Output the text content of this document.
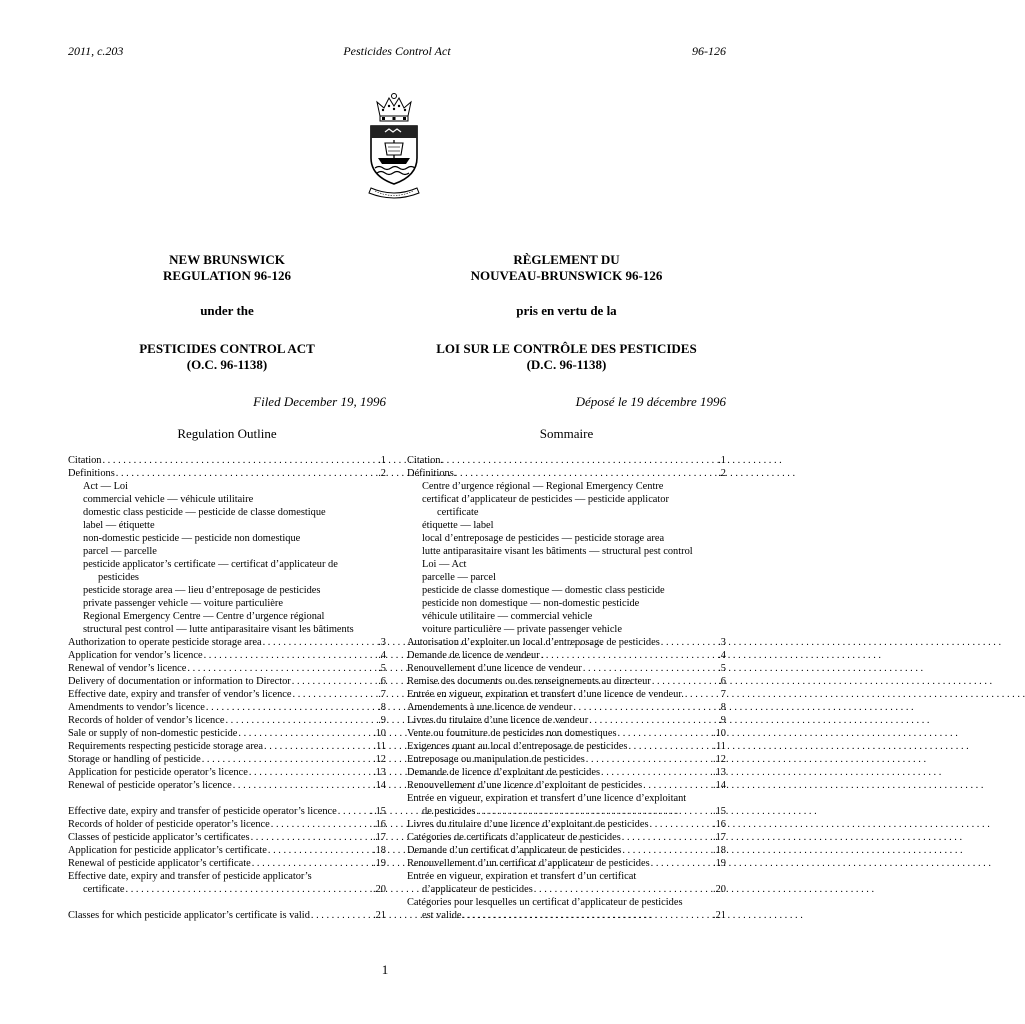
2011, c.203	Pesticides Control Act	96-126
NEW BRUNSWICK
REGULATION 96-126
under the
PESTICIDES CONTROL ACT
(O.C. 96-1138)
Filed December 19, 1996
Regulation Outline
Citation . . .	.1
Definitions . . .	.2
Act — Loi
commercial vehicle — véhicule utilitaire
domestic class pesticide — pesticide de classe domestique
label — étiquette
non-domestic pesticide — pesticide non domestique
parcel — parcelle
pesticide applicator’s certificate — certificat d’applicateur de
pesticides
pesticide storage area — lieu d’entreposage de pesticides
private passenger vehicle — voiture particulière
Regional Emergency Centre — Centre d’urgence régional
structural pest control — lutte antiparasitaire visant les bâtiments
Authorization to operate pesticide storage area . . .	.3
Application for vendor’s licence . . .	.4
Renewal of vendor’s licence . . .	.5
Delivery of documentation or information to Director . . .	.6
Effective date, expiry and transfer of vendor’s licence . . .	.7
Amendments to vendor’s licence . . .	.8
Records of holder of vendor’s licence . . .	.9
Sale or supply of non-domestic pesticide . . .	.10
Requirements respecting pesticide storage area . . .	.11
Storage or handling of pesticide . . .	.12
Application for pesticide operator’s licence . . .	.13
Renewal of pesticide operator’s licence . . .	.14
Effective date, expiry and transfer of pesticide operator’s licence . . .	. 15
Records of holder of pesticide operator’s licence . . .	.16
Classes of pesticide applicator’s certificates . . .	.17
Application for pesticide applicator’s certificate . . .	.18
Renewal of pesticide applicator’s certificate . . .	.19
Effective date, expiry and transfer of pesticide applicator’s
certificate . . .	.20
Classes for which pesticide applicator’s certificate is valid . . .	.21
RÈGLEMENT DU
NOUVEAU-BRUNSWICK 96-126
pris en vertu de la
LOI SUR LE CONTRÔLE DES PESTICIDES
(D.C. 96-1138)
Déposé le 19 décembre 1996
Sommaire
Citation . . .	.1
Définitions . . .	.2
Centre d’urgence régional — Regional Emergency Centre
certificat d’applicateur de pesticides — pesticide applicator
certificate
étiquette — label
local d’entreposage de pesticides — pesticide storage area
lutte antiparasitaire visant les bâtiments — structural pest control
Loi — Act
parcelle — parcel
pesticide de classe domestique — domestic class pesticide
pesticide non domestique — non-domestic pesticide
véhicule utilitaire — commercial vehicle
voiture particulière — private passenger vehicle
Autorisation d’exploiter un local d’entreposage de pesticides . . .	.3
Demande de licence de vendeur . . .	.4
Renouvellement d’une licence de vendeur . . .	.5
Remise des documents ou des renseignements au directeur . . .	.6
Entrée en vigueur, expiration et transfert d’une licence de vendeur. . . .	7
Amendements à une licence de vendeur . . .	.8
Livres du titulaire d’une licence de vendeur . . .	.9
Vente ou fourniture de pesticides non domestiques . . .	.10
Exigences quant au local d’entreposage de pesticides . . .	.11
Entreposage ou manipulation de pesticides . . .	.12
Demande de licence d’exploitant de pesticides . . .	.13
Renouvellement d’une licence d’exploitant de pesticides . . .	.14
Entrée en vigueur, expiration et transfert d’une licence d’exploitant
de pesticides . . .	.15
Livres du titulaire d’une licence d’exploitant de pesticides . . .	.16
Catégories de certificats d’applicateur de pesticides . . .	.17
Demande d’un certificat d’applicateur de pesticides . . .	.18
Renouvellement d’un certificat d’applicateur de pesticides . . .	.19
Entrée en vigueur, expiration et transfert d’un certificat
d’applicateur de pesticides . . .	.20
Catégories pour lesquelles un certificat d’applicateur de pesticides
est valide . . .	.21
1
